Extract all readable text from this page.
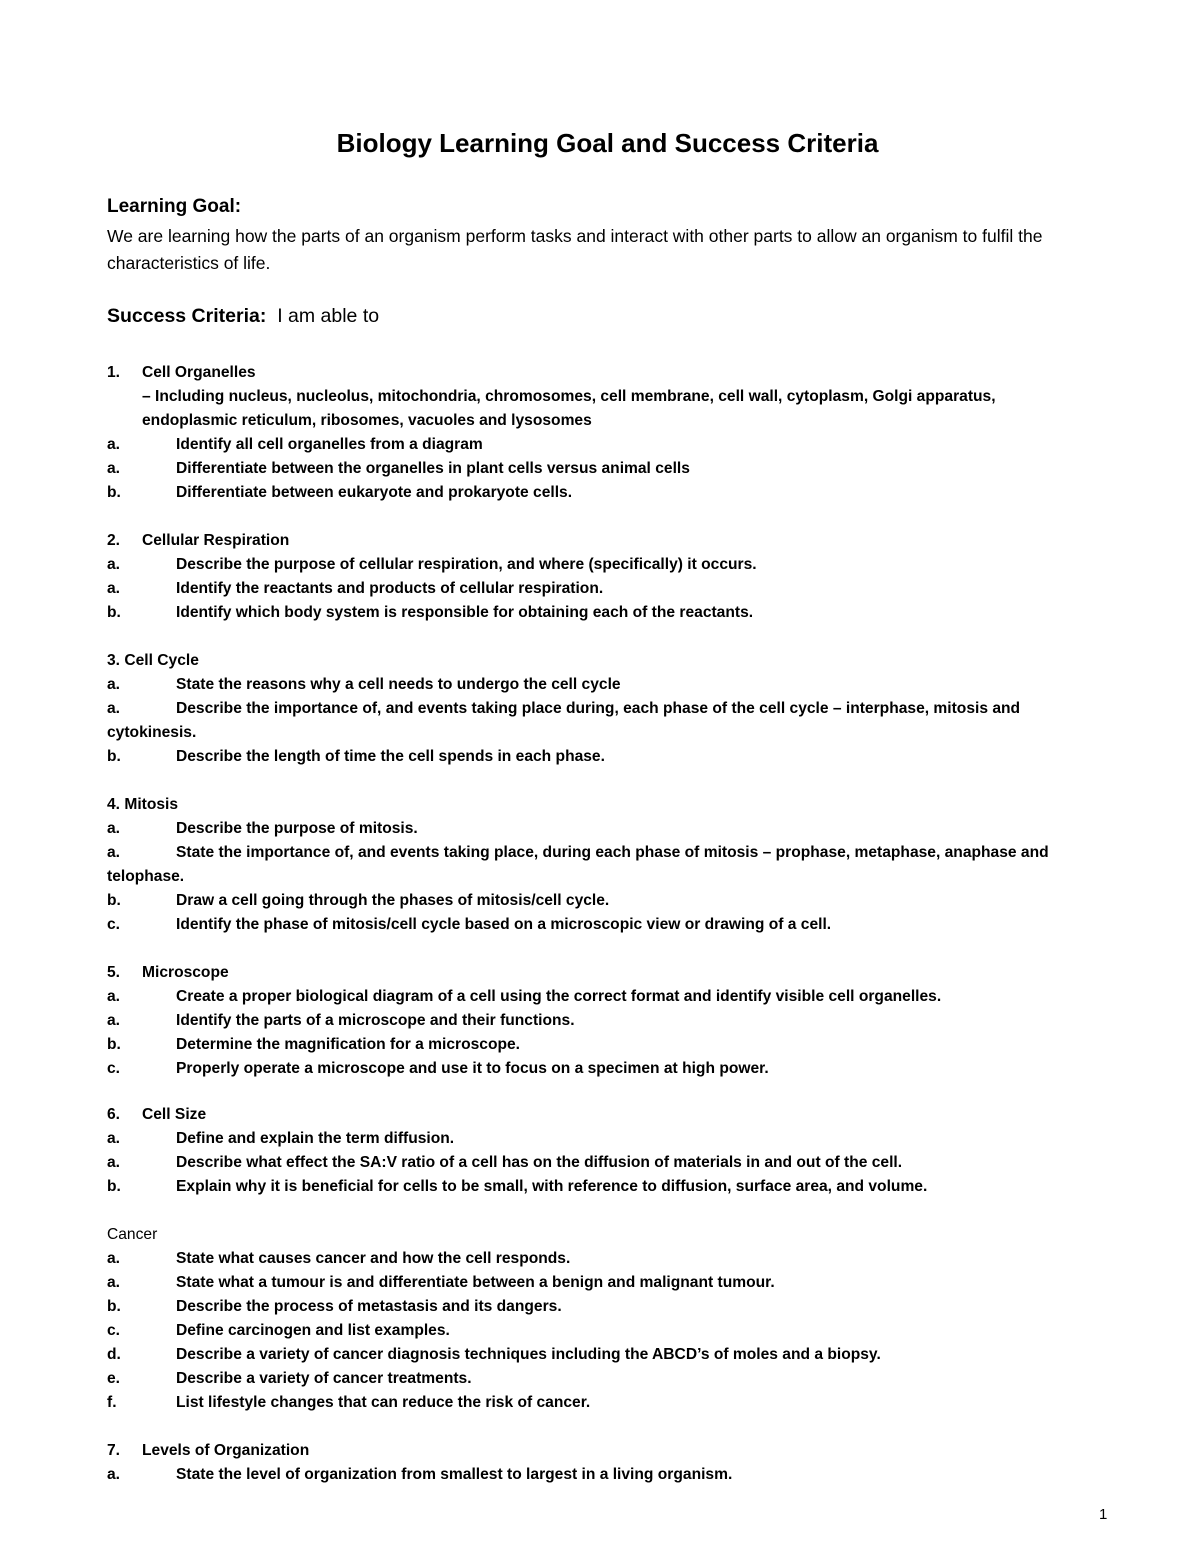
Biology Learning Goal and Success Criteria
Learning Goal:

We are learning how the parts of an organism perform tasks and interact with other parts to allow an organism to fulfil the characteristics of life.

Success Criteria: I am able to
1. Cell Organelles
– Including nucleus, nucleolus, mitochondria, chromosomes, cell membrane, cell wall, cytoplasm, Golgi apparatus,
endoplasmic reticulum, ribosomes, vacuoles and lysosomes
a.	Identify all cell organelles from a diagram
a.	Differentiate between the organelles in plant cells versus animal cells
b.	Differentiate between eukaryote and prokaryote cells.
2. Cellular Respiration
a.	Describe the purpose of cellular respiration, and where (specifically) it occurs.
a.	Identify the reactants and products of cellular respiration.
b.	Identify which body system is responsible for obtaining each of the reactants.
3. Cell Cycle
a.	State the reasons why a cell needs to undergo the cell cycle
a.	Describe the importance of, and events taking place during, each phase of the cell cycle – interphase, mitosis and
cytokinesis.
b.	Describe the length of time the cell spends in each phase.
4. Mitosis
a.	Describe the purpose of mitosis.
a.	State the importance of, and events taking place, during each phase of mitosis – prophase, metaphase, anaphase and
telophase.
b.	Draw a cell going through the phases of mitosis/cell cycle.
c.	Identify the phase of mitosis/cell cycle based on a microscopic view or drawing of a cell.
5. Microscope
a.	Create a proper biological diagram of a cell using the correct format and identify visible cell organelles.
a.	Identify the parts of a microscope and their functions.
b.	Determine the magnification for a microscope.
c.	Properly operate a microscope and use it to focus on a specimen at high power.
6. Cell Size
a.	Define and explain the term diffusion.
a.	Describe what effect the SA:V ratio of a cell has on the diffusion of materials in and out of the cell.
b.	Explain why it is beneficial for cells to be small, with reference to diffusion, surface area, and volume.
Cancer
a.	State what causes cancer and how the cell responds.
a.	State what a tumour is and differentiate between a benign and malignant tumour.
b.	Describe the process of metastasis and its dangers.
c.	Define carcinogen and list examples.
d.	Describe a variety of cancer diagnosis techniques including the ABCD’s of moles and a biopsy.
e.	Describe a variety of cancer treatments.
f.	List lifestyle changes that can reduce the risk of cancer.
7. Levels of Organization
a.	State the level of organization from smallest to largest in a living organism.
1
